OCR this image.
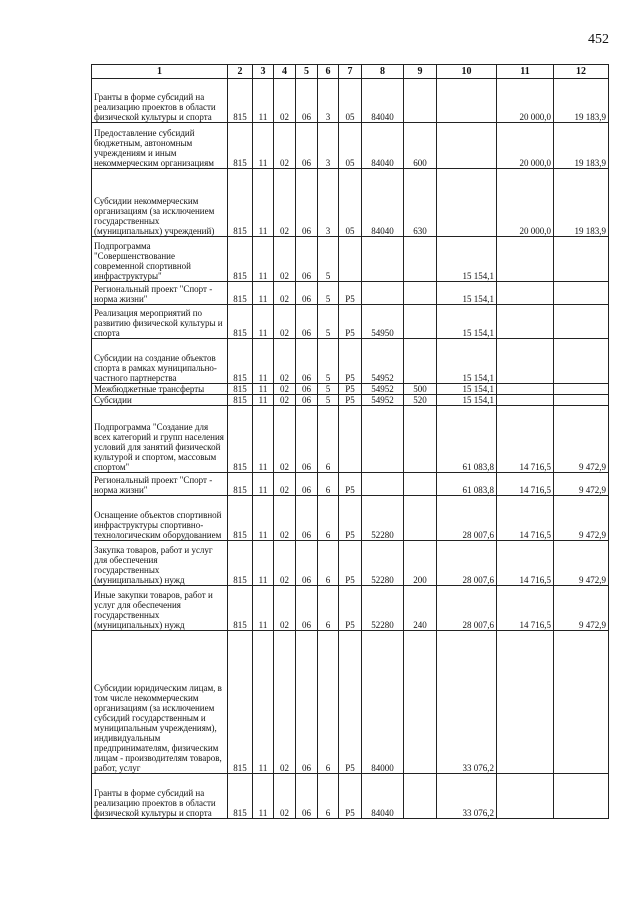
452
1	2	3	4	5	6	7	8	9	10	11	12
Гранты в форме субсидий на реализацию проектов в области физической культуры и спорта	815	11	02	06	3	05	84040			20 000,0	19 183,9
Предоставление субсидий бюджетным, автономным учреждениям и иным некоммерческим организациям	815	11	02	06	3	05	84040	600		20 000,0	19 183,9
Субсидии некоммерческим организациям (за исключением государственных (муниципальных) учреждений)	815	11	02	06	3	05	84040	630		20 000,0	19 183,9
Подпрограмма "Совершенствование современной спортивной инфраструктуры"	815	11	02	06	5				15 154,1		
Региональный проект "Спорт - норма жизни"	815	11	02	06	5	P5			15 154,1		
Реализация мероприятий по развитию физической культуры и спорта	815	11	02	06	5	P5	54950		15 154,1		
Субсидии на создание объектов спорта в рамках муниципально-частного партнерства	815	11	02	06	5	P5	54952		15 154,1		
Межбюджетные трансферты	815	11	02	06	5	P5	54952	500	15 154,1		
Субсидии	815	11	02	06	5	P5	54952	520	15 154,1		
Подпрограмма "Создание для всех категорий и групп населения условий для занятий физической культурой и спортом, массовым спортом"	815	11	02	06	6				61 083,8	14 716,5	9 472,9
Региональный проект "Спорт - норма жизни"	815	11	02	06	6	P5			61 083,8	14 716,5	9 472,9
Оснащение объектов спортивной инфраструктуры спортивно-технологическим оборудованием	815	11	02	06	6	P5	52280		28 007,6	14 716,5	9 472,9
Закупка товаров, работ и услуг для обеспечения государственных (муниципальных) нужд	815	11	02	06	6	P5	52280	200	28 007,6	14 716,5	9 472,9
Иные закупки товаров, работ и услуг для обеспечения государственных (муниципальных) нужд	815	11	02	06	6	P5	52280	240	28 007,6	14 716,5	9 472,9
Субсидии юридическим лицам, в том числе некоммерческим организациям (за исключением субсидий государственным и муниципальным учреждениям), индивидуальным предпринимателям, физическим лицам - производителям товаров, работ, услуг	815	11	02	06	6	P5	84000		33 076,2		
Гранты в форме субсидий на реализацию проектов в области физической культуры и спорта	815	11	02	06	6	P5	84040		33 076,2		
